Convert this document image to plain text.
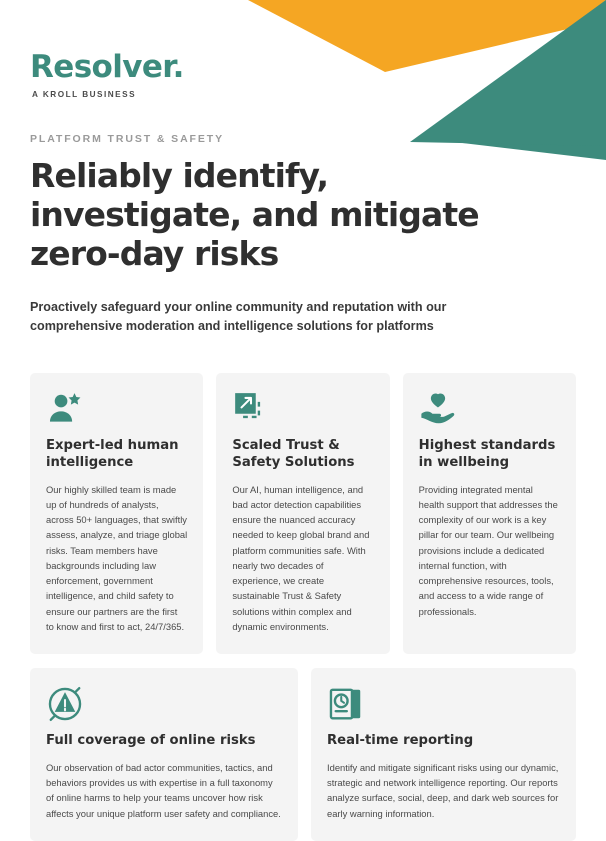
Resolver.
A KROLL BUSINESS
PLATFORM TRUST & SAFETY
Reliably identify, investigate, and mitigate zero-day risks

Proactively safeguard your online community and reputation with our comprehensive moderation and intelligence solutions for platforms

Expert-led human intelligence
Our highly skilled team is made up of hundreds of analysts, across 50+ languages, that swiftly assess, analyze, and triage global risks. Team members have backgrounds including law enforcement, government intelligence, and child safety to ensure our partners are the first to know and first to act, 24/7/365.
Scaled Trust & Safety Solutions
Our AI, human intelligence, and bad actor detection capabilities ensure the nuanced accuracy needed to keep global brand and platform communities safe. With nearly two decades of experience, we create sustainable Trust & Safety solutions within complex and dynamic environments.
Highest standards in wellbeing
Providing integrated mental health support that addresses the complexity of our work is a key pillar for our team. Our wellbeing provisions include a dedicated internal function, with comprehensive resources, tools, and access to a wide range of professionals.
Full coverage of online risks
Our observation of bad actor communities, tactics, and behaviors provides us with expertise in a full taxonomy of online harms to help your teams uncover how risk affects your unique platform user safety and compliance.
Real-time reporting
Identify and mitigate significant risks using our dynamic, strategic and network intelligence reporting. Our reports analyze surface, social, deep, and dark web sources for early warning information.
